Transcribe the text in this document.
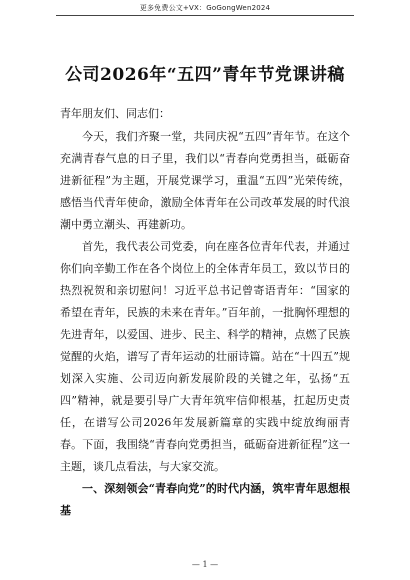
更多免费公文+VX：GoGongWen2024
公司2026年“五四”青年节党课讲稿

青年朋友们、同志们：

今天，我们齐聚一堂，共同庆祝“五四”青年节。在这个充满青春气息的日子里，我们以“青春向党勇担当，砥砺奋进新征程”为主题，开展党课学习，重温“五四”光荣传统，感悟当代青年使命，激励全体青年在公司改革发展的时代浪潮中勇立潮头、再建新功。

首先，我代表公司党委，向在座各位青年代表，并通过你们向辛勤工作在各个岗位上的全体青年员工，致以节日的热烈祝贺和亲切慰问！习近平总书记曾寄语青年：“国家的希望在青年，民族的未来在青年。”百年前，一批胸怀理想的先进青年，以爱国、进步、民主、科学的精神，点燃了民族觉醒的火焰，谱写了青年运动的壮丽诗篇。站在“十四五”规划深入实施、公司迈向新发展阶段的关键之年，弘扬“五四”精神，就是要引导广大青年筑牢信仰根基，扛起历史责任，在谱写公司2026年发展新篇章的实践中绽放绚丽青春。下面，我围绕“青春向党勇担当，砥砺奋进新征程”这一主题，谈几点看法，与大家交流。

一、深刻领会“青春向党”的时代内涵，筑牢青年思想根基

— 1 —
